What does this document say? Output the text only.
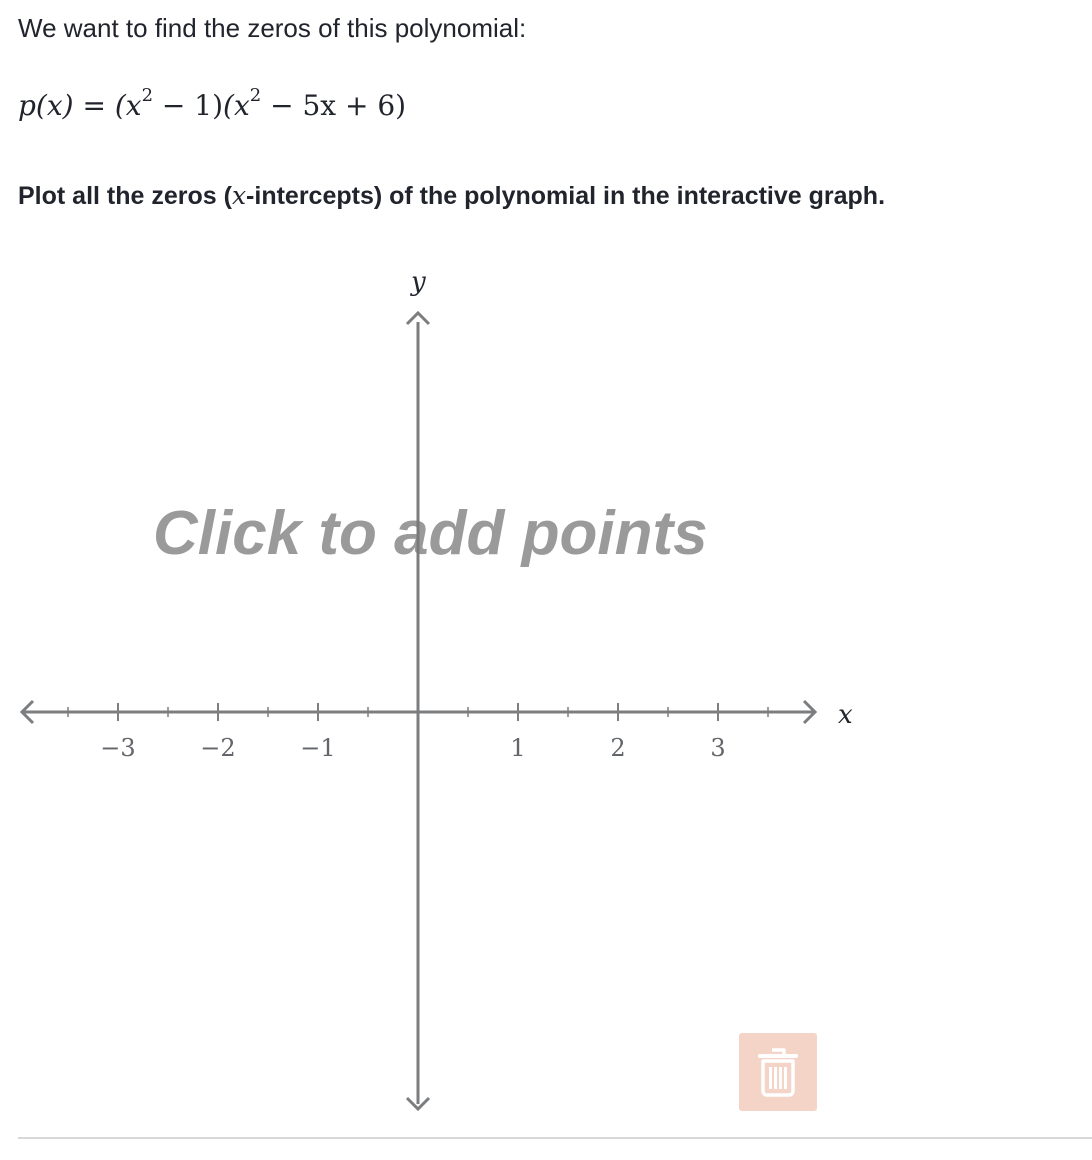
We want to find the zeros of this polynomial:

$p(x) = (x^2 - 1)(x^2 - 5x + 6)$

Plot all the zeros (x-intercepts) of the polynomial in the interactive graph.

x
y
−3	−2	−1	1	2	3
Click to add points
